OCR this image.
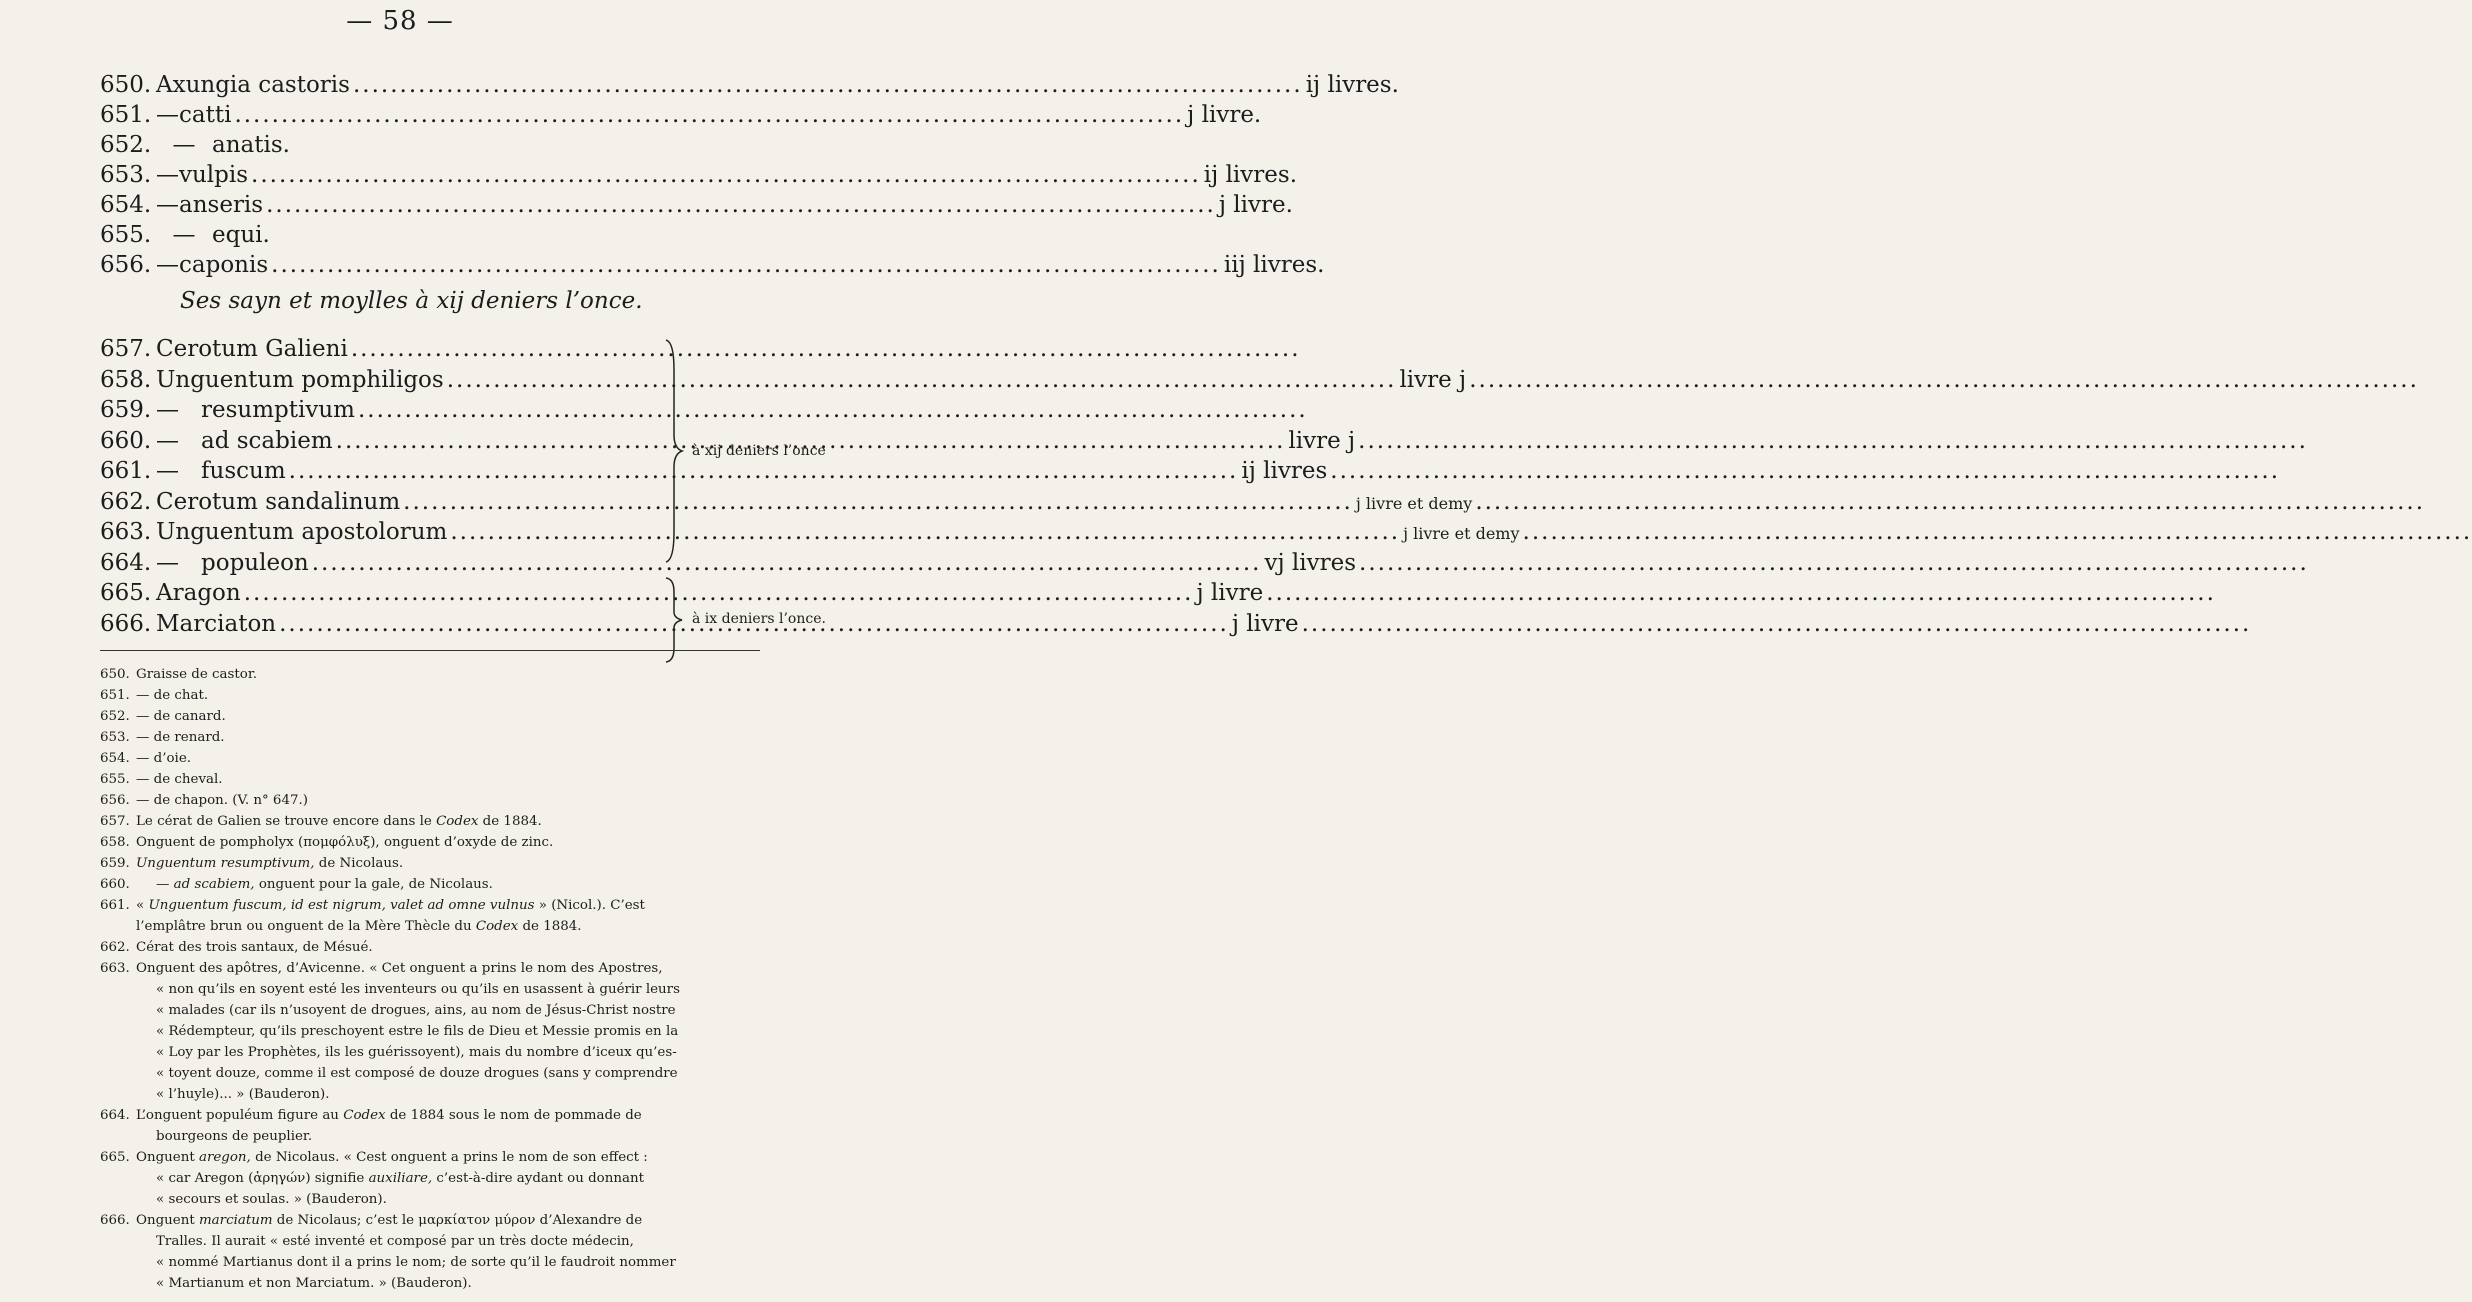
— 58 —
650. Axungia castoris .....	ij livres.
651. — catti .....	j livre.
652. — anatis.
653. — vulpis .....	ij livres.
654. — anseris .....	j livre.
655. — equi.
656. — caponis .....	iij livres.
Ses sayn et moylles à xij deniers l’once.
657. Cerotum Galieni
.....
658. Unguentum pomphiligos .....	livre j
.....
659. — resumptivum
.....
660. — ad scabiem .....	livre j
.....
661. — fuscum .....	ij livres
.....
662. Cerotum sandalinum .....	j livre et demy
.....
663. Unguentum apostolorum .....	j livre et demy
.....
664. — populeon .....	vj livres
.....
665. Aragon .....	j livre
.....
666. Marciaton .....	j livre
.....
à xij deniers l’once
à ix deniers l’once.
650. Graisse de castor.
651. — de chat.
652. — de canard.
653. — de renard.
654. — d’oie.
655. — de cheval.
656. — de chapon. (V. n° 647.)
657. Le cérat de Galien se trouve encore dans le Codex de 1884.
658. Onguent de pompholyx (πομφόλυξ), onguent d’oxyde de zinc.
659. Unguentum resumptivum, de Nicolaus.
660.	— ad scabiem, onguent pour la gale, de Nicolaus.
661. « Unguentum fuscum, id est nigrum, valet ad omne vulnus » (Nicol.). C’est
l’emplâtre brun ou onguent de la Mère Thècle du Codex de 1884.
662. Cérat des trois santaux, de Mésué.
663. Onguent des apôtres, d’Avicenne. « Cet onguent a prins le nom des Apostres,
« non qu’ils en soyent esté les inventeurs ou qu’ils en usassent à guérir leurs
« malades (car ils n’usoyent de drogues, ains, au nom de Jésus-Christ nostre
« Rédempteur, qu’ils preschoyent estre le fils de Dieu et Messie promis en la
« Loy par les Prophètes, ils les guérissoyent), mais du nombre d’iceux qu’es-
« toyent douze, comme il est composé de douze drogues (sans y comprendre
« l’huyle)... » (Bauderon).
664. L’onguent populéum figure au Codex de 1884 sous le nom de pommade de
bourgeons de peuplier.
665. Onguent aregon, de Nicolaus. « Cest onguent a prins le nom de son effect :
« car Aregon (ἀρηγών) signifie auxiliare, c’est-à-dire aydant ou donnant
« secours et soulas. » (Bauderon).
666. Onguent marciatum de Nicolaus; c’est le μαρκίατον μύρον d’Alexandre de
Tralles. Il aurait « esté inventé et composé par un très docte médecin,
« nommé Martianus dont il a prins le nom; de sorte qu’il le faudroit nommer
« Martianum et non Marciatum. » (Bauderon).
